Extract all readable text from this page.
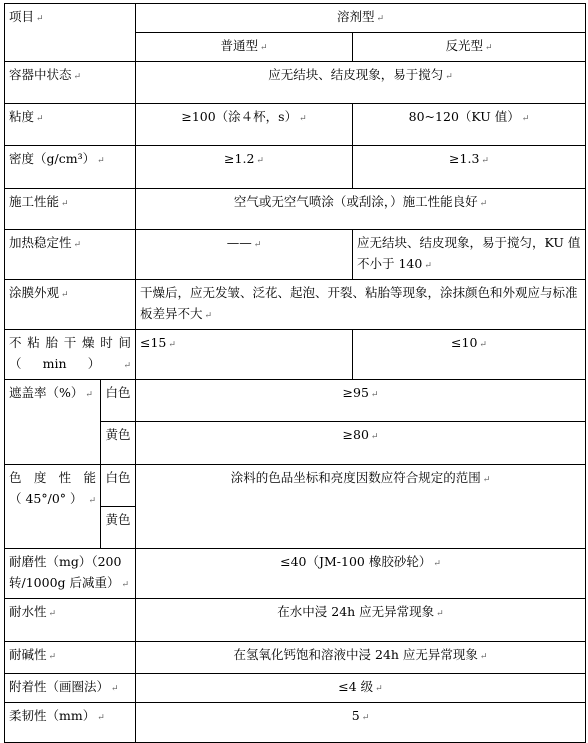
项目 ↵		溶剂型 ↵	
		普通型 ↵	反光型 ↵
容器中状态 ↵		应无结块、结皮现象，易于搅匀 ↵	
粘度 ↵		≥100（涂４杯，s） ↵	80~120（KU 值） ↵
密度（g/cm³） ↵		≥1.2 ↵	≥1.3 ↵
施工性能 ↵		空气或无空气喷涂（或刮涂，）施工性能良好 ↵	
加热稳定性 ↵		—— ↵	应无结块、结皮现象，易于搅匀，KU 值不小于 140 ↵
涂膜外观 ↵		干燥后，应无发皱、泛花、起泡、开裂、粘胎等现象，涂抹颜色和外观应与标准板差异不大 ↵	
不粘胎干燥时间（min） ↵		≤15 ↵	≤10 ↵
遮盖率（%） ↵	白色	≥95 ↵	
	黄色	≥80 ↵	
色度性能（45°/0°） ↵	白色	涂料的色品坐标和亮度因数应符合规定的范围 ↵	
	黄色		
耐磨性（mg）（200转/1000g 后减重） ↵		≤40（JM-100 橡胶砂轮） ↵	
耐水性 ↵		在水中浸 24h 应无异常现象 ↵	
耐碱性 ↵		在氢氧化钙饱和溶液中浸 24h 应无异常现象 ↵	
附着性（画圈法） ↵		≤4 级 ↵	
柔韧性（mm） ↵		5 ↵	
